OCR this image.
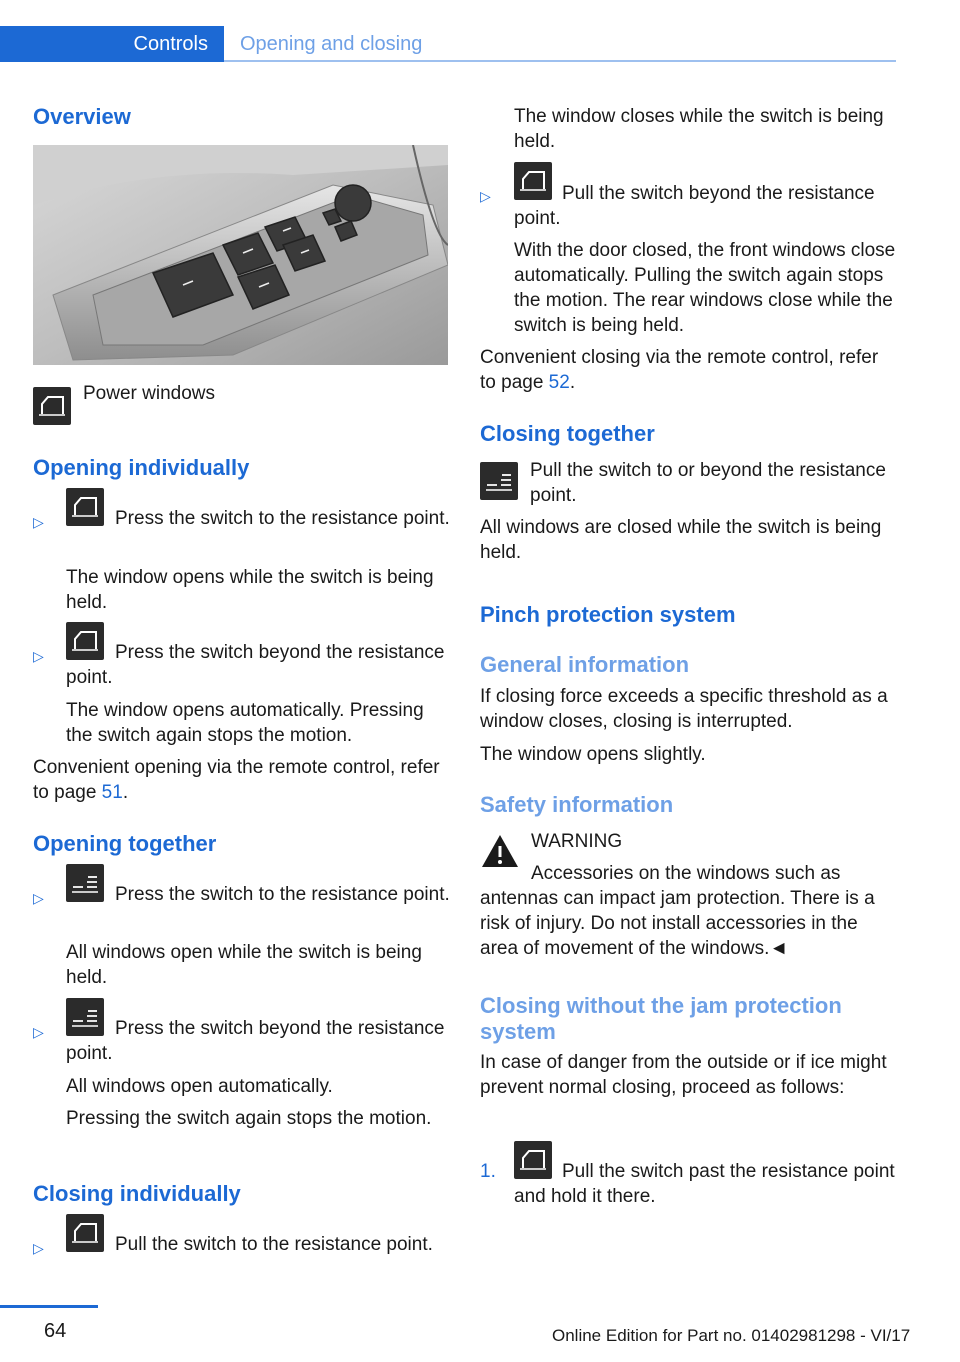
Controls	Opening and closing
Overview
Power windows
Opening individually
▷	Press the switch to the resistance point.
The window opens while the switch is being held.
▷	Press the switch beyond the resistance point.
The window opens automatically. Pressing the switch again stops the motion.
Convenient opening via the remote control, refer to page 51.
Opening together
▷	Press the switch to the resistance point.
All windows open while the switch is being held.
▷	Press the switch beyond the resistance point.
All windows open automatically.
Pressing the switch again stops the motion.
Closing individually
▷	Pull the switch to the resistance point.
The window closes while the switch is being held.
▷	Pull the switch beyond the resistance point.
With the door closed, the front windows close automatically. Pulling the switch again stops the motion. The rear windows close while the switch is being held.
Convenient closing via the remote control, refer to page 52.
Closing together
Pull the switch to or beyond the resistance point.
All windows are closed while the switch is being held.
Pinch protection system
General information
If closing force exceeds a specific threshold as a window closes, closing is interrupted.
The window opens slightly.
Safety information
WARNING
Accessories on the windows such as antennas can impact jam protection. There is a risk of injury. Do not install accessories in the area of movement of the windows.◄
Closing without the jam protection system
In case of danger from the outside or if ice might prevent normal closing, proceed as follows:
1.	Pull the switch past the resistance point and hold it there.
64	Online Edition for Part no. 01402981298 - VI/17
